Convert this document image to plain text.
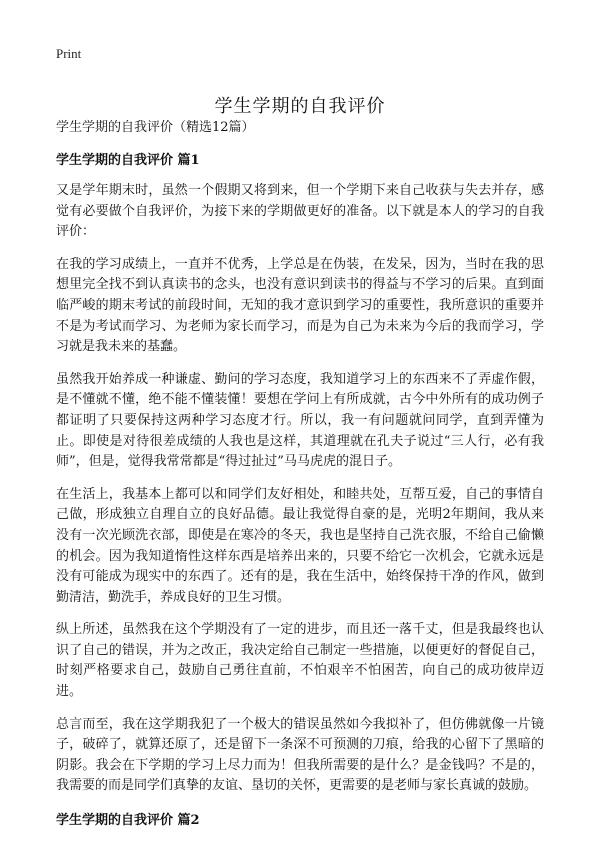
Print
学生学期的自我评价
学生学期的自我评价（精选12篇）
学生学期的自我评价 篇1

又是学年期末时，虽然一个假期又将到来，但一个学期下来自己收获与失去并存，感觉有必要做个自我评价，为接下来的学期做更好的准备。以下就是本人的学习的自我评价：

在我的学习成绩上，一直并不优秀，上学总是在伪装，在发呆，因为，当时在我的思想里完全找不到认真读书的念头，也没有意识到读书的得益与不学习的后果。直到面临严峻的期末考试的前段时间，无知的我才意识到学习的重要性，我所意识的重要并不是为考试而学习、为老师为家长而学习，而是为自己为未来为今后的我而学习，学习就是我未来的基蠢。

虽然我开始养成一种谦虚、勤问的学习态度，我知道学习上的东西来不了弄虚作假，是不懂就不懂，绝不能不懂装懂！要想在学问上有所成就，古今中外所有的成功例子都证明了只要保持这两种学习态度才行。所以，我一有问题就问同学，直到弄懂为止。即使是对待很差成绩的人我也是这样，其道理就在孔夫子说过“三人行，必有我师”，但是，觉得我常常都是“得过扯过”马马虎虎的混日子。

在生活上，我基本上都可以和同学们友好相处，和睦共处，互帮互爱，自己的事情自己做，形成独立自理自立的良好品德。最让我觉得自豪的是，光明2年期间，我从来没有一次光顾洗衣部，即使是在寒冷的冬天，我也是坚持自己洗衣服，不给自己偷懒的机会。因为我知道惰性这样东西是培养出来的，只要不给它一次机会，它就永远是没有可能成为现实中的东西了。还有的是，我在生活中，始终保持干净的作风，做到勤清洁，勤洗手，养成良好的卫生习惯。

纵上所述，虽然我在这个学期没有了一定的进步，而且还一落千丈，但是我最终也认识了自己的错误，并为之改正，我决定给自己制定一些措施，以便更好的督促自己，时刻严格要求自己，鼓励自己勇往直前，不怕艰辛不怕困苦，向自己的成功彼岸迈进。

总言而至，我在这学期我犯了一个极大的错误虽然如今我拟补了，但仿佛就像一片镜子，破碎了，就算还原了，还是留下一条深不可预测的刀痕，给我的心留下了黑暗的阴影。我会在下学期的学习上尽力而为！但我所需要的是什么？是金钱吗？不是的，我需要的而是同学们真挚的友谊、垦切的关怀，更需要的是老师与家长真诚的鼓励。

学生学期的自我评价 篇2
